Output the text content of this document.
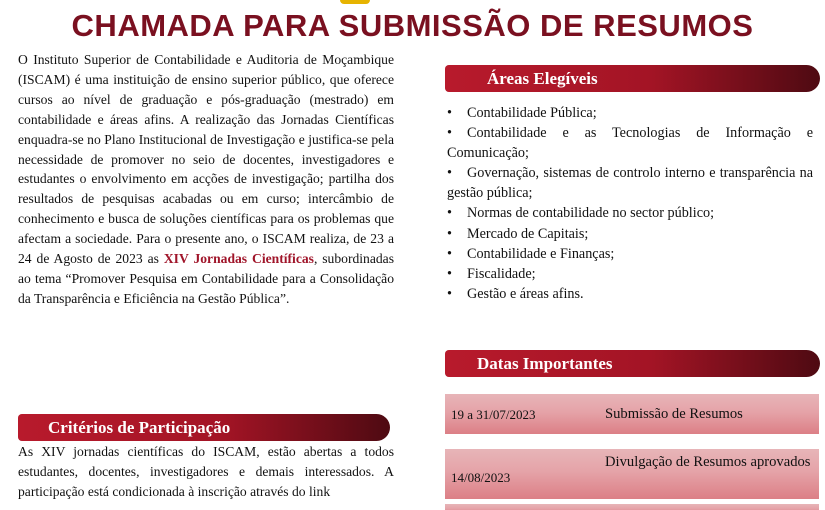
CHAMADA PARA SUBMISSÃO DE RESUMOS

O Instituto Superior de Contabilidade e Auditoria de Moçambique (ISCAM) é uma instituição de ensino superior público, que oferece cursos ao nível de graduação e pós-graduação (mestrado) em contabilidade e áreas afins. A realização das Jornadas Científicas enquadra-se no Plano Institucional de Investigação e justifica-se pela necessidade de promover no seio de docentes, investigadores e estudantes o envolvimento em acções de investigação; partilha dos resultados de pesquisas acabadas ou em curso; intercâmbio de conhecimento e busca de soluções científicas para os problemas que afectam a sociedade. Para o presente ano, o ISCAM realiza, de 23 a 24 de Agosto de 2023 as XIV Jornadas Científicas, subordinadas ao tema “Promover Pesquisa em Contabilidade para a Consolidação da Transparência e Eficiência na Gestão Pública”.

Critérios de Participação

As XIV jornadas científicas do ISCAM, estão abertas a todos estudantes, docentes, investigadores e demais interessados. A participação está condicionada à inscrição através do link

Áreas Elegíveis
• Contabilidade Pública;
• Contabilidade e as Tecnologias de Informação e Comunicação;
• Governação, sistemas de controlo interno e transparência na gestão pública;
• Normas de contabilidade no sector público;
• Mercado de Capitais;
• Contabilidade e Finanças;
• Fiscalidade;
• Gestão e áreas afins.
Datas Importantes
19 a 31/07/2023	Submissão de Resumos
14/08/2023
Divulgação de Resumos aprovados
